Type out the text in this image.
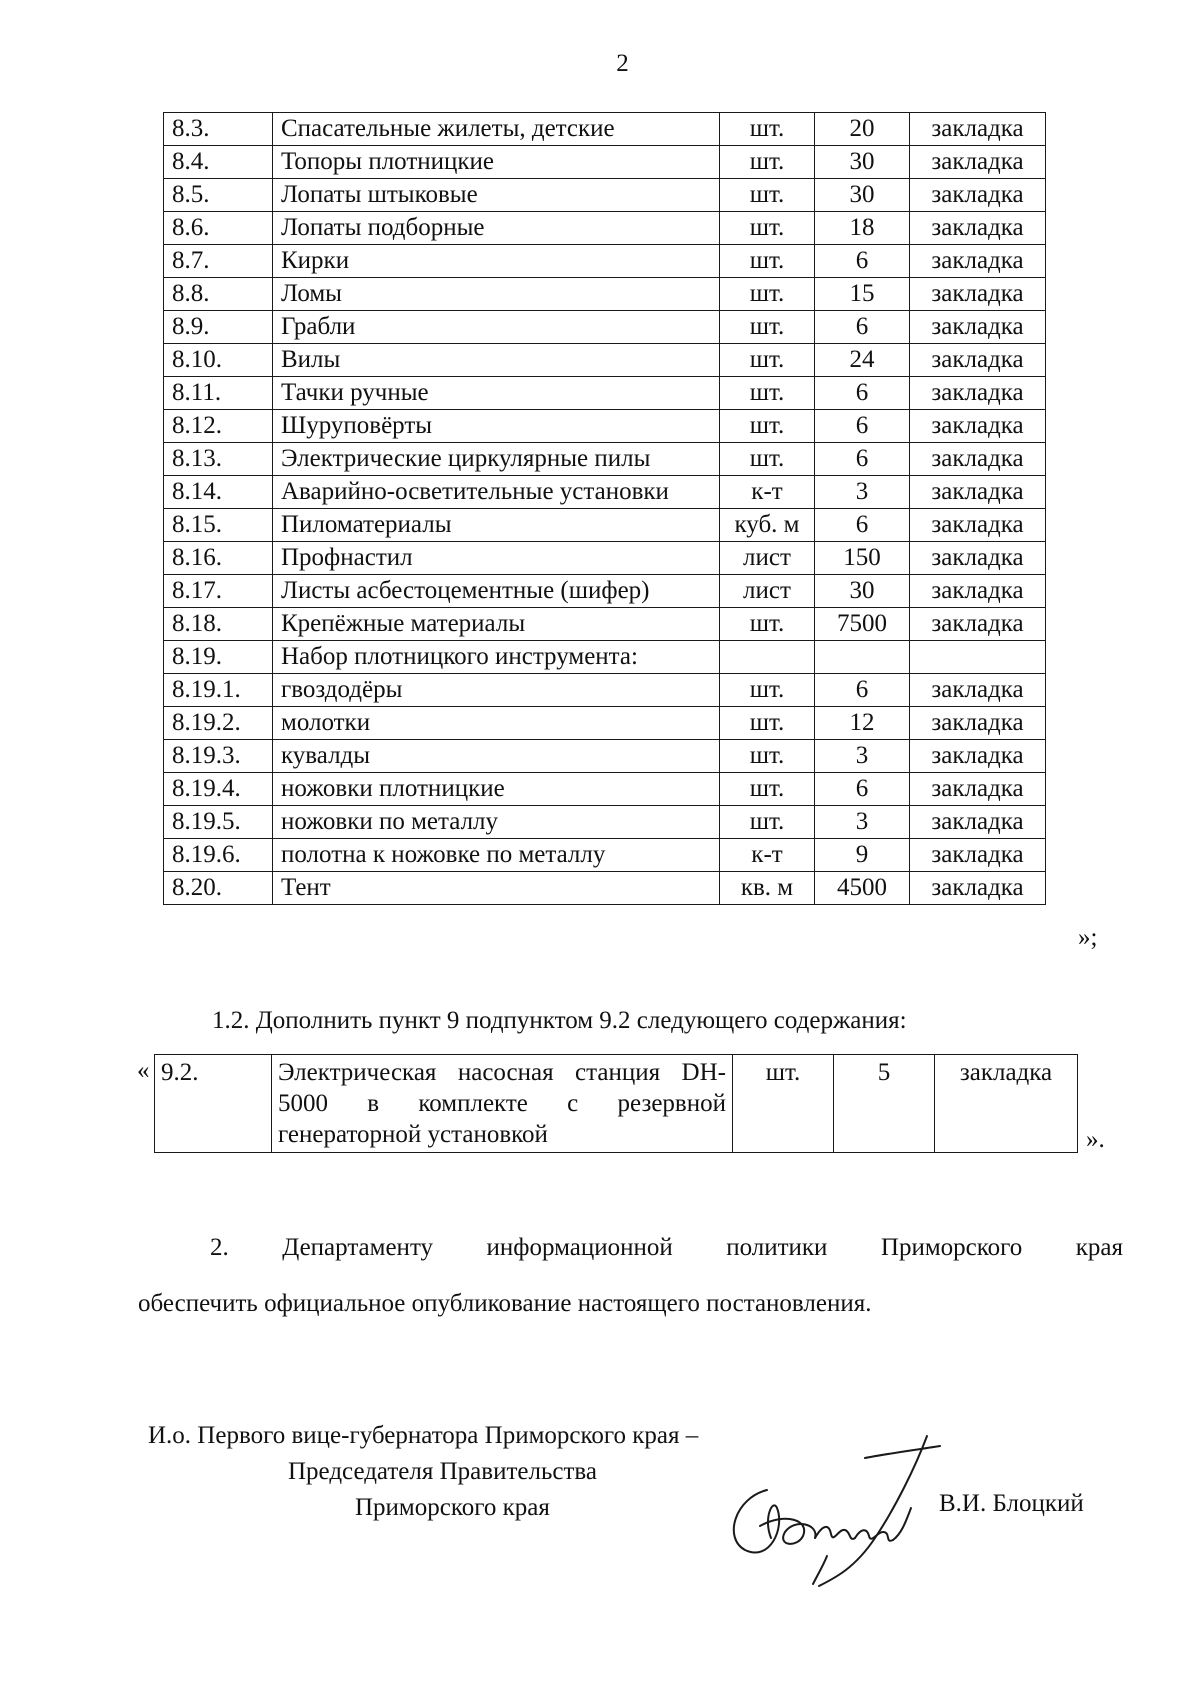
2
8.3.	Спасательные жилеты, детские	шт.	20	закладка
8.4.	Топоры плотницкие	шт.	30	закладка
8.5.	Лопаты штыковые	шт.	30	закладка
8.6.	Лопаты подборные	шт.	18	закладка
8.7.	Кирки	шт.	6	закладка
8.8.	Ломы	шт.	15	закладка
8.9.	Грабли	шт.	6	закладка
8.10.	Вилы	шт.	24	закладка
8.11.	Тачки ручные	шт.	6	закладка
8.12.	Шуруповёрты	шт.	6	закладка
8.13.	Электрические циркулярные пилы	шт.	6	закладка
8.14.	Аварийно-осветительные установки	к-т	3	закладка
8.15.	Пиломатериалы	куб. м	6	закладка
8.16.	Профнастил	лист	150	закладка
8.17.	Листы асбестоцементные (шифер)	лист	30	закладка
8.18.	Крепёжные материалы	шт.	7500	закладка
8.19.	Набор плотницкого инструмента:			
8.19.1.	гвоздодёры	шт.	6	закладка
8.19.2.	молотки	шт.	12	закладка
8.19.3.	кувалды	шт.	3	закладка
8.19.4.	ножовки плотницкие	шт.	6	закладка
8.19.5.	ножовки по металлу	шт.	3	закладка
8.19.6.	полотна к ножовке по металлу	к-т	9	закладка
8.20.	Тент	кв. м	4500	закладка
»;
1.2. Дополнить пункт 9 подпунктом 9.2 следующего содержания:
« 9.2.	Электрическая насосная станция DH-5000 в комплекте с резервной генераторной установкой	шт.	5	закладка
».
2. Департаменту информационной политики Приморского края
обеспечить официальное опубликование настоящего постановления.
И.о. Первого вице-губернатора Приморского края –
Председателя Правительства
Приморского края	В.И. Блоцкий
